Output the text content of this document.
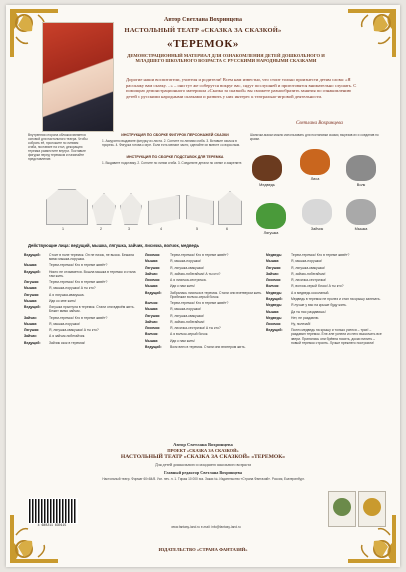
Автор Светлана Вохринцева
НАСТОЛЬНЫЙ ТЕАТР «СКАЗКА ЗА СКАЗКОЙ»
«ТЕРЕМОК»
ДЕМОНСТРАЦИОННЫЙ МАТЕРИАЛ ДЛЯ ОЗНАКОМЛЕНИЯ ДЕТЕЙ ДОШКОЛЬНОГО И МЛАДШЕГО ШКОЛЬНОГО ВОЗРАСТА С РУССКИМИ НАРОДНЫМИ СКАЗКАМИ
Дорогие наши воспитатели, учителя и родители! Всем нам известно, что стоит только произнести детям слова: «Я расскажу вам сказку…» – они тут же соберутся вокруг вас, сядут послушней и приготовятся внимательно слушать. С помощью демонстрационного материала «Сказка за сказкой» вы сможете разнообразить занятия по ознакомлению детей с русскими народными сказками и развить у них интерес к театрально-игровой деятельности.
Светлана Вохринцева
Внутренняя сторона обложки является основой для настольного театра. Чтобы собрать её, проложите по линиям сгиба, поставьте на стол, декорацию теремка разместите внутри. Поставьте фигурки перед теремком и начинайте представление.
ИНСТРУКЦИЯ ПО СБОРКЕ ФИГУРОК ПЕРСОНАЖЕЙ СКАЗКИ
1. Аккуратно выдавите фигурку из листа. 2. Согните по линиям сгиба. 3. Вставьте язычок в прорезь. 4. Фигурка готова к игре. Если есть мелкие части, сделайте их вместе со взрослым.
ИНСТРУКЦИЯ ПО СБОРКЕ ПОДСТАВОК ДЛЯ ТЕРЕМКА
1. Выдавите подставку. 2. Согните по линии сгиба. 3. Соедините детали по схеме и закрепите.
1	2	3	4	5	6
Шапочки-маски можно использовать для постановки сказки, вырезав их и соединив по краям.
Медведь
Лиса
Волк
Лягушка
Зайчик	Мышка
Действующие лица: ведущий, мышка, лягушка, зайчик, лисичка, волчок, медведь
Ведущий:	Стоит в поле теремок. Он не низок, не высок. Бежала мимо мышка-норушка.
Мышка:	Терем-теремок! Кто в тереме живёт?
Ведущий:	Никто не отзывается. Вошла мышка в теремок и стала там жить.
Лягушка:	Терем-теремок! Кто в тереме живёт?
Мышка:	Я, мышка-норушка! А ты кто?
Лягушка:	А я лягушка-квакушка.
Мышка:	Иди ко мне жить!
Ведущий:	Лягушка прыгнула в теремок. Стали они вдвоём жить. Бежит мимо зайчик.
Зайчик:	Терем-теремок! Кто в тереме живёт?
Мышка:	Я, мышка-норушка!
Лягушка:	Я, лягушка-квакушка! А ты кто?
Зайчик:	А я зайчик-побегайчик.
Ведущий:	Зайчик скок в теремок!
Лисичка:	Терем-теремок! Кто в тереме живёт?
Мышка:	Я, мышка-норушка!
Лягушка:	Я, лягушка-квакушка!
Зайчик:	Я, зайчик-побегайчик! А ты кто?
Лисичка:	А я лисичка-сестричка.
Мышка:	Иди к нам жить!
Ведущий:	Забралась лисичка в теремок. Стали они вчетвером жить. Прибежал волчок-серый бочок.
Волчок:	Терем-теремок! Кто в тереме живёт?
Мышка:	Я, мышка-норушка!
Лягушка:	Я, лягушка-квакушка!
Зайчик:	Я, зайчик-побегайчик!
Лисичка:	Я, лисичка-сестричка! А ты кто?
Волчок:	А я волчок-серый бочок.
Мышка:	Иди к нам жить!
Ведущий:	Волк влез в теремок. Стали они впятером жить.
Медведь:	Терем-теремок! Кто в тереме живёт?
Мышка:	Я, мышка-норушка!
Лягушка:	Я, лягушка-квакушка!
Зайчик:	Я, зайчик-побегайчик!
Лисичка:	Я, лисичка-сестричка!
Волчок:	Я, волчок-серый бочок! А ты кто?
Медведь:	А я медведь косолапый.
Ведущий:	Медведь в теремок не пролез и стал на крышу залезать.
Медведь:	Я лучше у вас на крыше буду жить.
Мышка:	Да ты нас раздавишь!
Медведь:	Нет, не раздавлю.
Лисичка:	Ну, полезай!
Ведущий:	Полез медведь на крышу и только уселся – трах! – раздавил теремок. Еле-еле успели из него выскочить все звери. Принялись они брёвна носить, доски пилить – новый теремок строить. Лучше прежнего построили!
Автор Светлана Вохринцева
ПРОЕКТ «СКАЗКА ЗА СКАЗКОЙ»
НАСТОЛЬНЫЙ ТЕАТР «СКАЗКА ЗА СКАЗКОЙ» «ТЕРЕМОК»
Для детей дошкольного и младшего школьного возраста
Главный редактор Светлана Вохринцева
Настольный театр. Формат 60×84/8. Усл. печ. л. 1. Тираж 10 000 экз. Заказ №. Издательство «Страна Фантазий». Россия, Екатеринбург.
www.fantasy-land.ru e-mail: info@fantasy-land.ru
4 680211 630115
ИЗДАТЕЛЬСТВО «СТРАНА ФАНТАЗИЙ»
